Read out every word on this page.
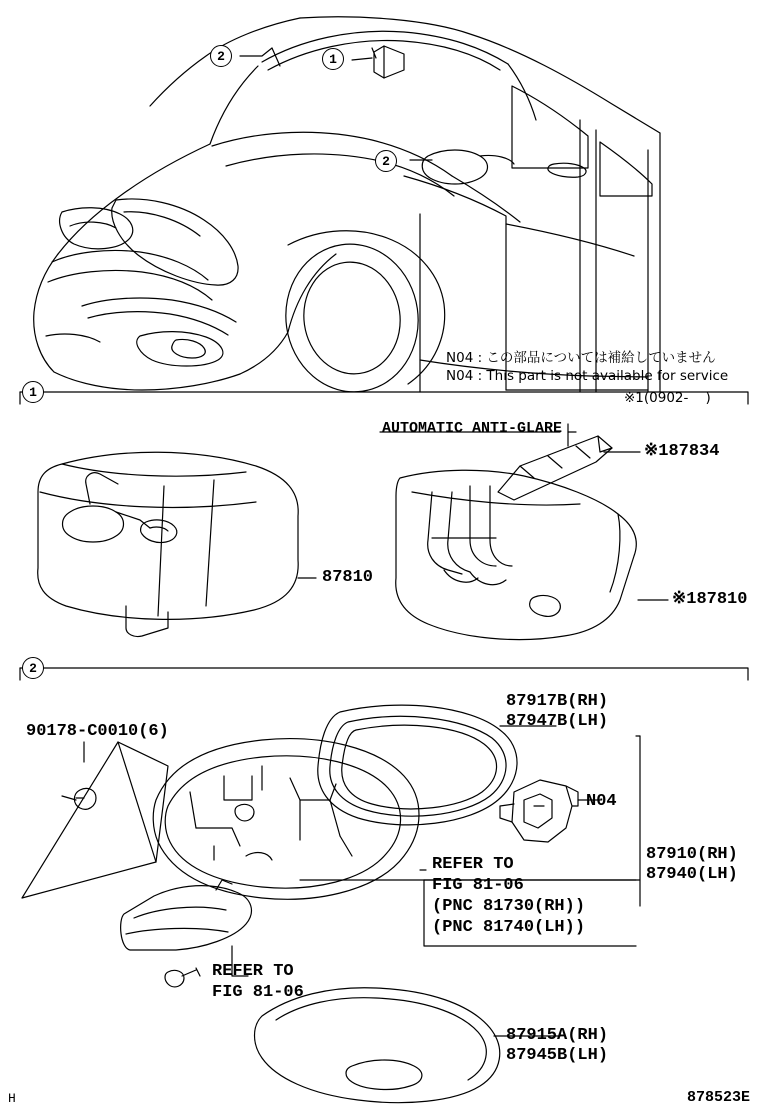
2	1
2
N04 : この部品については補給していません
N04 : This part is not available for service
※1(0902-    )
1
2
AUTOMATIC ANTI-GLARE
87810
※187834
※187810
90178-C0010(6)
87917B(RH)
87947B(LH)
N04
87910(RH)
87940(LH)
87915A(RH)
87945B(LH)
REFER TO
FIG 81-06
(PNC 81730(RH))
(PNC 81740(LH))
REFER TO
FIG 81-06
H	878523E
